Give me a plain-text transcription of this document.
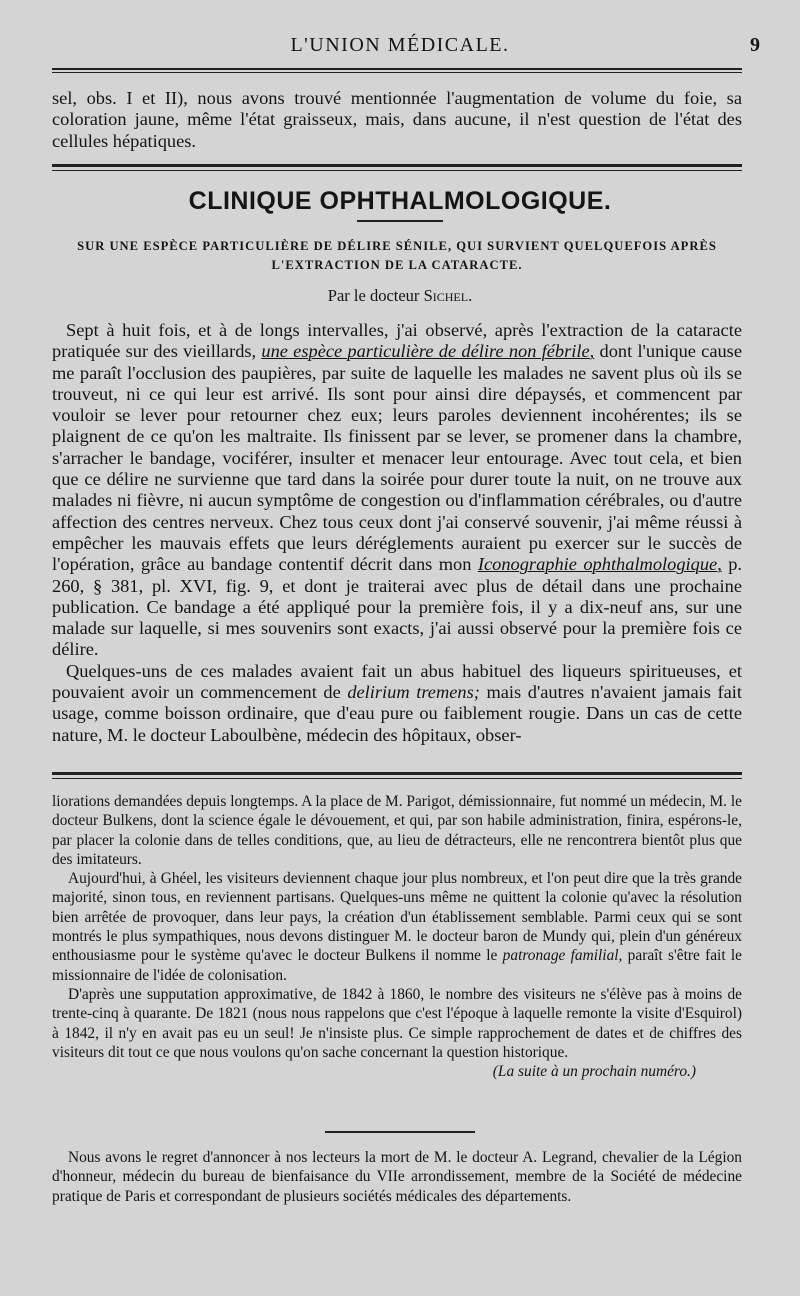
L'UNION MÉDICALE.	9

sel, obs. I et II), nous avons trouvé mentionnée l'augmentation de volume du foie, sa coloration jaune, même l'état graisseux, mais, dans aucune, il n'est question de l'état des cellules hépatiques.

CLINIQUE OPHTHALMOLOGIQUE.
SUR UNE ESPÈCE PARTICULIÈRE DE DÉLIRE SÉNILE, QUI SURVIENT QUELQUEFOIS APRÈS
L'EXTRACTION DE LA CATARACTE.
Par le docteur Sichel.

Sept à huit fois, et à de longs intervalles, j'ai observé, après l'extraction de la cataracte pratiquée sur des vieillards, une espèce particulière de délire non fébrile, dont l'unique cause me paraît l'occlusion des paupières, par suite de laquelle les malades ne savent plus où ils se trouveut, ni ce qui leur est arrivé. Ils sont pour ainsi dire dépaysés, et commencent par vouloir se lever pour retourner chez eux; leurs paroles deviennent incohérentes; ils se plaignent de ce qu'on les maltraite. Ils finissent par se lever, se promener dans la chambre, s'arracher le bandage, vociférer, insulter et menacer leur entourage. Avec tout cela, et bien que ce délire ne survienne que tard dans la soirée pour durer toute la nuit, on ne trouve aux malades ni fièvre, ni aucun symptôme de congestion ou d'inflammation cérébrales, ou d'autre affection des centres nerveux. Chez tous ceux dont j'ai conservé souvenir, j'ai même réussi à empêcher les mauvais effets que leurs déréglements auraient pu exercer sur le succès de l'opération, grâce au bandage contentif décrit dans mon Iconographie ophthalmologique, p. 260, § 381, pl. XVI, fig. 9, et dont je traiterai avec plus de détail dans une prochaine publication. Ce bandage a été appliqué pour la première fois, il y a dix-neuf ans, sur une malade sur laquelle, si mes souvenirs sont exacts, j'ai aussi observé pour la première fois ce délire.

Quelques-uns de ces malades avaient fait un abus habituel des liqueurs spiritueuses, et pouvaient avoir un commencement de delirium tremens; mais d'autres n'avaient jamais fait usage, comme boisson ordinaire, que d'eau pure ou faiblement rougie. Dans un cas de cette nature, M. le docteur Laboulbène, médecin des hôpitaux, obser-

liorations demandées depuis longtemps. A la place de M. Parigot, démissionnaire, fut nommé un médecin, M. le docteur Bulkens, dont la science égale le dévouement, et qui, par son habile administration, finira, espérons-le, par placer la colonie dans de telles conditions, que, au lieu de détracteurs, elle ne rencontrera bientôt plus que des imitateurs.

Aujourd'hui, à Ghéel, les visiteurs deviennent chaque jour plus nombreux, et l'on peut dire que la très grande majorité, sinon tous, en reviennent partisans. Quelques-uns même ne quittent la colonie qu'avec la résolution bien arrêtée de provoquer, dans leur pays, la création d'un établissement semblable. Parmi ceux qui se sont montrés le plus sympathiques, nous devons distinguer M. le docteur baron de Mundy qui, plein d'un généreux enthousiasme pour le système qu'avec le docteur Bulkens il nomme le patronage familial, paraît s'être fait le missionnaire de l'idée de colonisation.

D'après une supputation approximative, de 1842 à 1860, le nombre des visiteurs ne s'élève pas à moins de trente-cinq à quarante. De 1821 (nous nous rappelons que c'est l'époque à laquelle remonte la visite d'Esquirol) à 1842, il n'y en avait pas eu un seul! Je n'insiste plus. Ce simple rapprochement de dates et de chiffres des visiteurs dit tout ce que nous voulons qu'on sache concernant la question historique.

(La suite à un prochain numéro.)

Nous avons le regret d'annoncer à nos lecteurs la mort de M. le docteur A. Legrand, chevalier de la Légion d'honneur, médecin du bureau de bienfaisance du VIIe arrondissement, membre de la Société de médecine pratique de Paris et correspondant de plusieurs sociétés médicales des départements.
